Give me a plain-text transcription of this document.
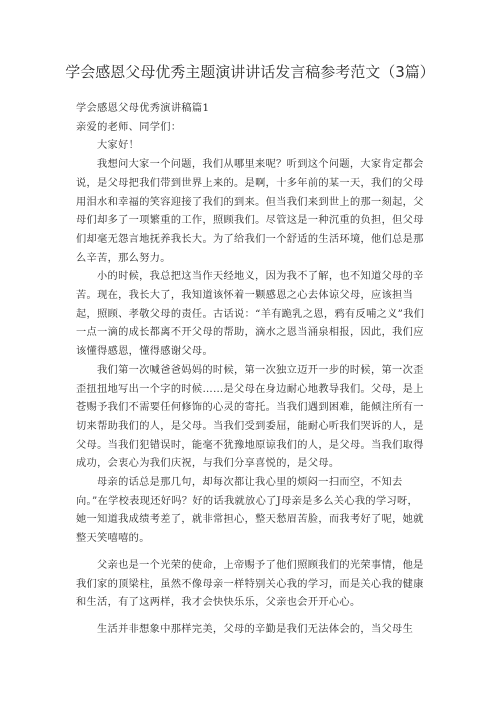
学会感恩父母优秀主题演讲讲话发言稿参考范文（3篇）

学会感恩父母优秀演讲稿篇1

亲爱的老师、同学们：

大家好！

我想问大家一个问题，我们从哪里来呢？听到这个问题，大家肯定都会说，是父母把我们带到世界上来的。是啊，十多年前的某一天，我们的父母用泪水和幸福的笑容迎接了我们的到来。但当我们来到世上的那一刻起，父母们却多了一项繁重的工作，照顾我们。尽管这是一种沉重的负担，但父母们却毫无怨言地抚养我长大。为了给我们一个舒适的生活环境，他们总是那么辛苦，那么努力。

小的时候，我总把这当作天经地义，因为我不了解，也不知道父母的辛苦。现在，我长大了，我知道该怀着一颗感恩之心去体谅父母，应该担当起，照顾、孝敬父母的责任。古话说：“羊有跪乳之恩，鸦有反哺之义”我们一点一滴的成长都离不开父母的帮助，滴水之恩当涌泉相报，因此，我们应该懂得感恩，懂得感谢父母。

我们第一次喊爸爸妈妈的时候，第一次独立迈开一步的时候，第一次歪歪扭扭地写出一个字的时候……是父母在身边耐心地教导我们。父母，是上苍赐予我们不需要任何修饰的心灵的寄托。当我们遇到困难，能倾注所有一切来帮助我们的人，是父母。当我们受到委屈，能耐心听我们哭诉的人，是父母。当我们犯错误时，能毫不犹豫地原谅我们的人，是父母。当我们取得成功，会衷心为我们庆祝，与我们分享喜悦的，是父母。

母亲的话总是那几句，却每次都让我心里的烦闷一扫而空，不知去向。”在学校表现还好吗？好的话我就放心了J母亲是多么关心我的学习呀，她一知道我成绩考差了，就非常担心，整天愁眉苦脸，而我考好了呢，她就整天笑嘻嘻的。

父亲也是一个光荣的使命，上帝赐予了他们照顾我们的光荣事情，他是我们家的顶梁柱，虽然不像母亲一样特别关心我的学习，而是关心我的健康和生活，有了这两样，我才会快快乐乐，父亲也会开开心心。

生活并非想象中那样完美，父母的辛勤是我们无法体会的，当父母生
